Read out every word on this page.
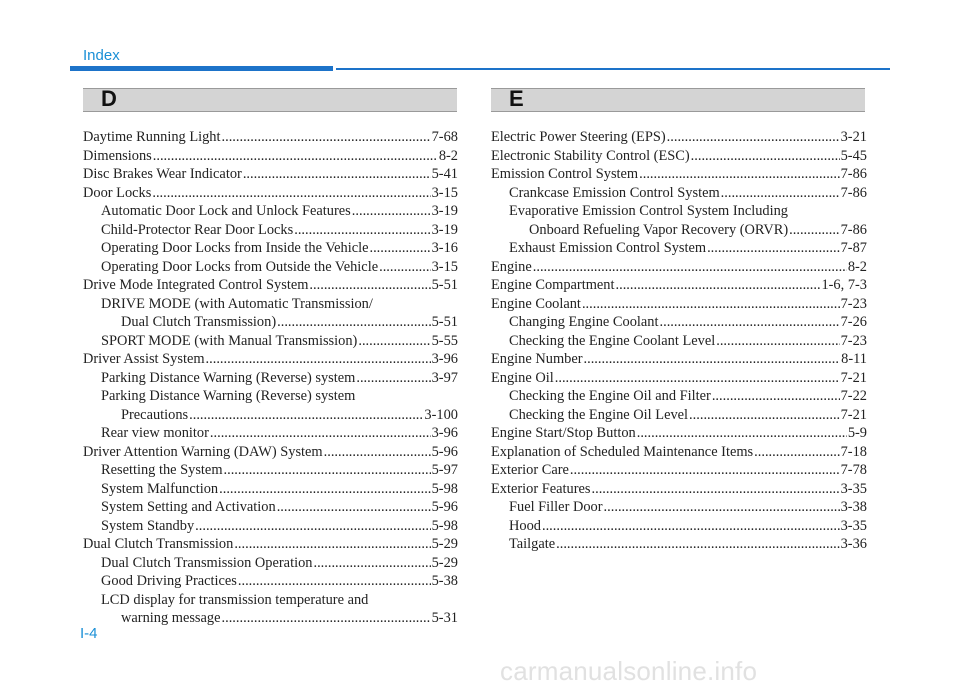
Index
D	E
Daytime Running Light .....	7-68
Dimensions .....	8-2
Disc Brakes Wear Indicator .....	5-41
Door Locks .....	3-15
Automatic Door Lock and Unlock Features .....	3-19
Child-Protector Rear Door Locks .....	3-19
Operating Door Locks from Inside the Vehicle .....	3-16
Operating Door Locks from Outside the Vehicle .....	3-15
Drive Mode Integrated Control System .....	5-51
DRIVE MODE (with Automatic Transmission/
Dual Clutch Transmission) .....	5-51
SPORT MODE (with Manual Transmission) .....	5-55
Driver Assist System .....	3-96
Parking Distance Warning (Reverse) system .....	3-97
Parking Distance Warning (Reverse) system
Precautions .....	3-100
Rear view monitor .....	3-96
Driver Attention Warning (DAW) System .....	5-96
Resetting the System .....	5-97
System Malfunction .....	5-98
System Setting and Activation .....	5-96
System Standby .....	5-98
Dual Clutch Transmission .....	5-29
Dual Clutch Transmission Operation .....	5-29
Good Driving Practices .....	5-38
LCD display for transmission temperature and
warning message .....	5-31
Electric Power Steering (EPS) .....	3-21
Electronic Stability Control (ESC) .....	5-45
Emission Control System .....	7-86
Crankcase Emission Control System .....	7-86
Evaporative Emission Control System Including
Onboard Refueling Vapor Recovery (ORVR) .....	7-86
Exhaust Emission Control System .....	7-87
Engine .....	8-2
Engine Compartment .....	1-6, 7-3
Engine Coolant .....	7-23
Changing Engine Coolant .....	7-26
Checking the Engine Coolant Level .....	7-23
Engine Number .....	8-11
Engine Oil .....	7-21
Checking the Engine Oil and Filter .....	7-22
Checking the Engine Oil Level .....	7-21
Engine Start/Stop Button .....	5-9
Explanation of Scheduled Maintenance Items .....	7-18
Exterior Care .....	7-78
Exterior Features .....	3-35
Fuel Filler Door .....	3-38
Hood .....	3-35
Tailgate .....	3-36
I-4
carmanualsonline.info
